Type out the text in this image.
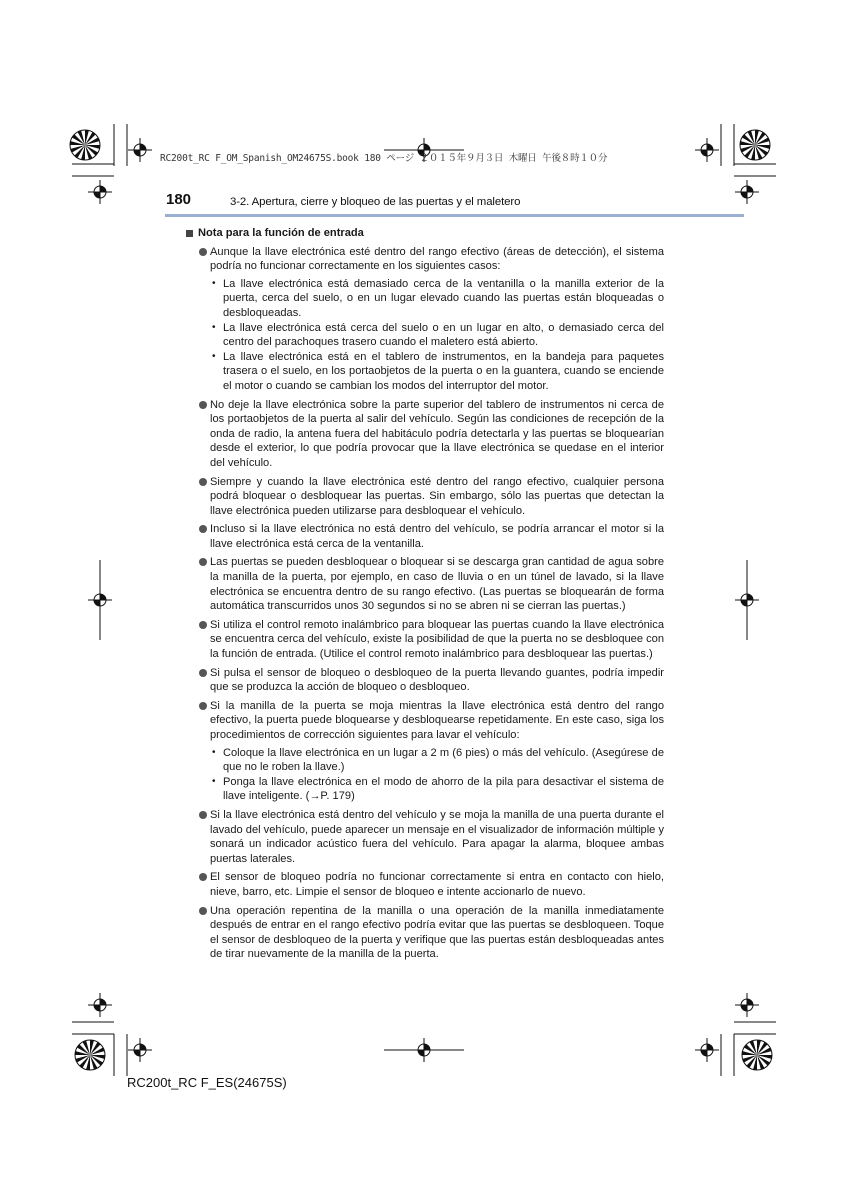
RC200t_RC F_OM_Spanish_OM24675S.book 180 ページ ２０１５年９月３日 木曜日 午後８時１０分
180	3-2. Apertura, cierre y bloqueo de las puertas y el maletero
Nota para la función de entrada
Aunque la llave electrónica esté dentro del rango efectivo (áreas de detección), el sistema podría no funcionar correctamente en los siguientes casos:
• La llave electrónica está demasiado cerca de la ventanilla o la manilla exterior de la puerta, cerca del suelo, o en un lugar elevado cuando las puertas están bloqueadas o desbloqueadas.
• La llave electrónica está cerca del suelo o en un lugar en alto, o demasiado cerca del centro del parachoques trasero cuando el maletero está abierto.
• La llave electrónica está en el tablero de instrumentos, en la bandeja para paquetes trasera o el suelo, en los portaobjetos de la puerta o en la guantera, cuando se enciende el motor o cuando se cambian los modos del interruptor del motor.
No deje la llave electrónica sobre la parte superior del tablero de instrumentos ni cerca de los portaobjetos de la puerta al salir del vehículo. Según las condiciones de recepción de la onda de radio, la antena fuera del habitáculo podría detectarla y las puertas se bloquearían desde el exterior, lo que podría provocar que la llave electrónica se quedase en el interior del vehículo.
Siempre y cuando la llave electrónica esté dentro del rango efectivo, cualquier persona podrá bloquear o desbloquear las puertas. Sin embargo, sólo las puertas que detectan la llave electrónica pueden utilizarse para desbloquear el vehículo.
Incluso si la llave electrónica no está dentro del vehículo, se podría arrancar el motor si la llave electrónica está cerca de la ventanilla.
Las puertas se pueden desbloquear o bloquear si se descarga gran cantidad de agua sobre la manilla de la puerta, por ejemplo, en caso de lluvia o en un túnel de lavado, si la llave electrónica se encuentra dentro de su rango efectivo. (Las puertas se bloquearán de forma automática transcurridos unos 30 segundos si no se abren ni se cierran las puertas.)
Si utiliza el control remoto inalámbrico para bloquear las puertas cuando la llave electrónica se encuentra cerca del vehículo, existe la posibilidad de que la puerta no se desbloquee con la función de entrada. (Utilice el control remoto inalámbrico para desbloquear las puertas.)
Si pulsa el sensor de bloqueo o desbloqueo de la puerta llevando guantes, podría impedir que se produzca la acción de bloqueo o desbloqueo.
Si la manilla de la puerta se moja mientras la llave electrónica está dentro del rango efectivo, la puerta puede bloquearse y desbloquearse repetidamente. En este caso, siga los procedimientos de corrección siguientes para lavar el vehículo:
• Coloque la llave electrónica en un lugar a 2 m (6 pies) o más del vehículo. (Asegúrese de que no le roben la llave.)
• Ponga la llave electrónica en el modo de ahorro de la pila para desactivar el sistema de llave inteligente. (→P. 179)
Si la llave electrónica está dentro del vehículo y se moja la manilla de una puerta durante el lavado del vehículo, puede aparecer un mensaje en el visualizador de información múltiple y sonará un indicador acústico fuera del vehículo. Para apagar la alarma, bloquee ambas puertas laterales.
El sensor de bloqueo podría no funcionar correctamente si entra en contacto con hielo, nieve, barro, etc. Limpie el sensor de bloqueo e intente accionarlo de nuevo.
Una operación repentina de la manilla o una operación de la manilla inmediatamente después de entrar en el rango efectivo podría evitar que las puertas se desbloqueen. Toque el sensor de desbloqueo de la puerta y verifique que las puertas están desbloqueadas antes de tirar nuevamente de la manilla de la puerta.
RC200t_RC F_ES(24675S)
